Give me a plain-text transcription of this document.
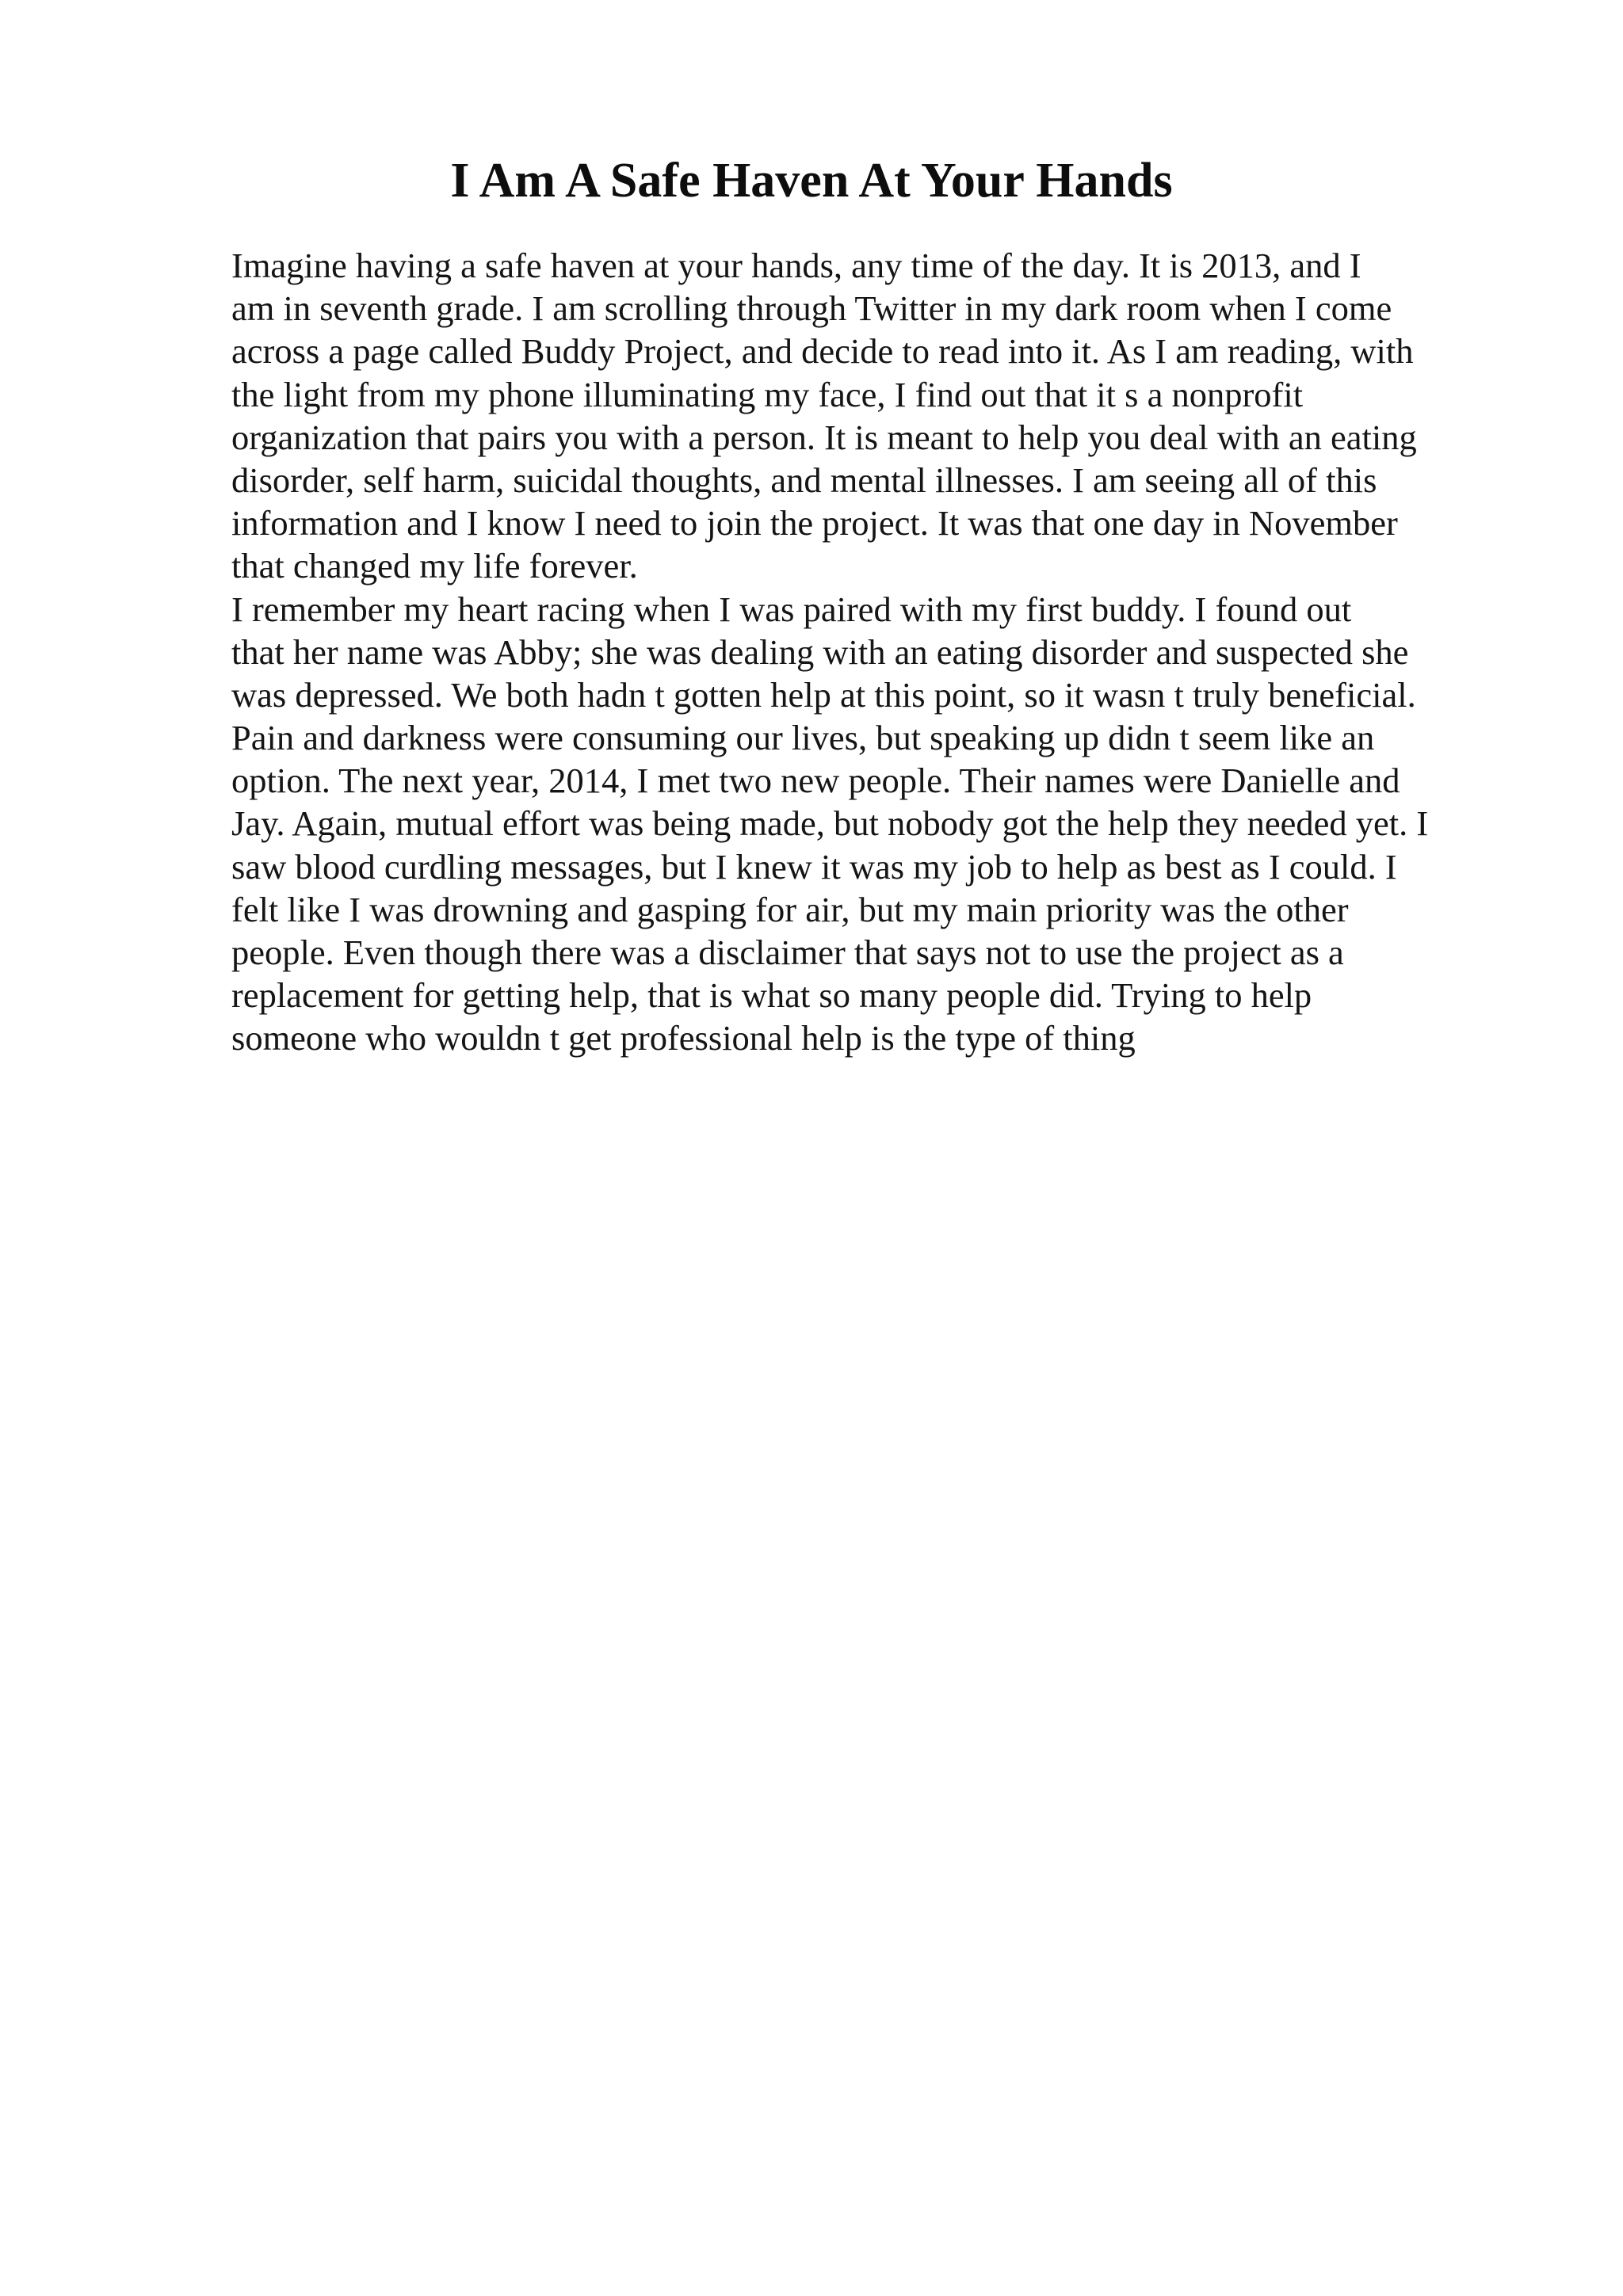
I Am A Safe Haven At Your Hands
Imagine having a safe haven at your hands, any time of the day. It is 2013, and I
am in seventh grade. I am scrolling through Twitter in my dark room when I come
across a page called Buddy Project, and decide to read into it. As I am reading, with
the light from my phone illuminating my face, I find out that it s a nonprofit
organization that pairs you with a person. It is meant to help you deal with an eating
disorder, self harm, suicidal thoughts, and mental illnesses. I am seeing all of this
information and I know I need to join the project. It was that one day in November
that changed my life forever.
I remember my heart racing when I was paired with my first buddy. I found out
that her name was Abby; she was dealing with an eating disorder and suspected she
was depressed. We both hadn t gotten help at this point, so it wasn t truly beneficial.
Pain and darkness were consuming our lives, but speaking up didn t seem like an
option. The next year, 2014, I met two new people. Their names were Danielle and
Jay. Again, mutual effort was being made, but nobody got the help they needed yet. I
saw blood curdling messages, but I knew it was my job to help as best as I could. I
felt like I was drowning and gasping for air, but my main priority was the other
people. Even though there was a disclaimer that says not to use the project as a
replacement for getting help, that is what so many people did. Trying to help
someone who wouldn t get professional help is the type of thing
